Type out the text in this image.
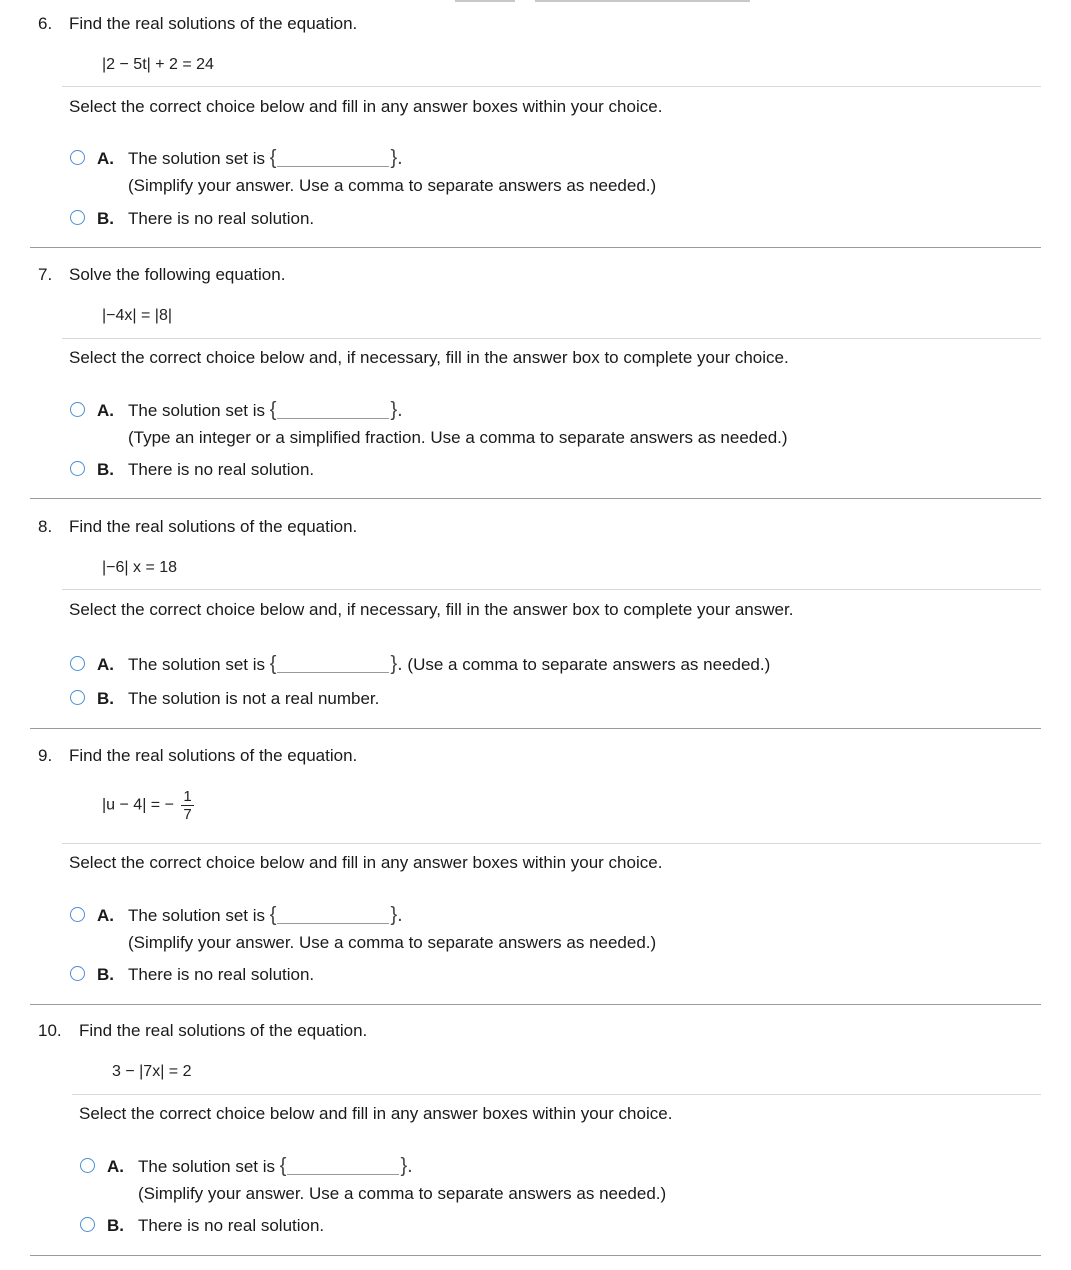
6. Find the real solutions of the equation.
|2 − 5t| + 2 = 24
Select the correct choice below and fill in any answer boxes within your choice.
A. The solution set is {	}.
(Simplify your answer. Use a comma to separate answers as needed.)
B. There is no real solution.
7. Solve the following equation.
|−4x| = |8|
Select the correct choice below and, if necessary, fill in the answer box to complete your choice.
A. The solution set is {	}.
(Type an integer or a simplified fraction. Use a comma to separate answers as needed.)
B. There is no real solution.
8. Find the real solutions of the equation.
|−6| x = 18
Select the correct choice below and, if necessary, fill in the answer box to complete your answer.
A. The solution set is {	}. (Use a comma to separate answers as needed.)
B. The solution is not a real number.
9. Find the real solutions of the equation.
|u − 4| = − $\frac{1}{7}$
Select the correct choice below and fill in any answer boxes within your choice.
A. The solution set is {	}.
(Simplify your answer. Use a comma to separate answers as needed.)
B. There is no real solution.
10.	Find the real solutions of the equation.
3 − |7x| = 2
Select the correct choice below and fill in any answer boxes within your choice.
A. The solution set is {	}.
(Simplify your answer. Use a comma to separate answers as needed.)
B. There is no real solution.
